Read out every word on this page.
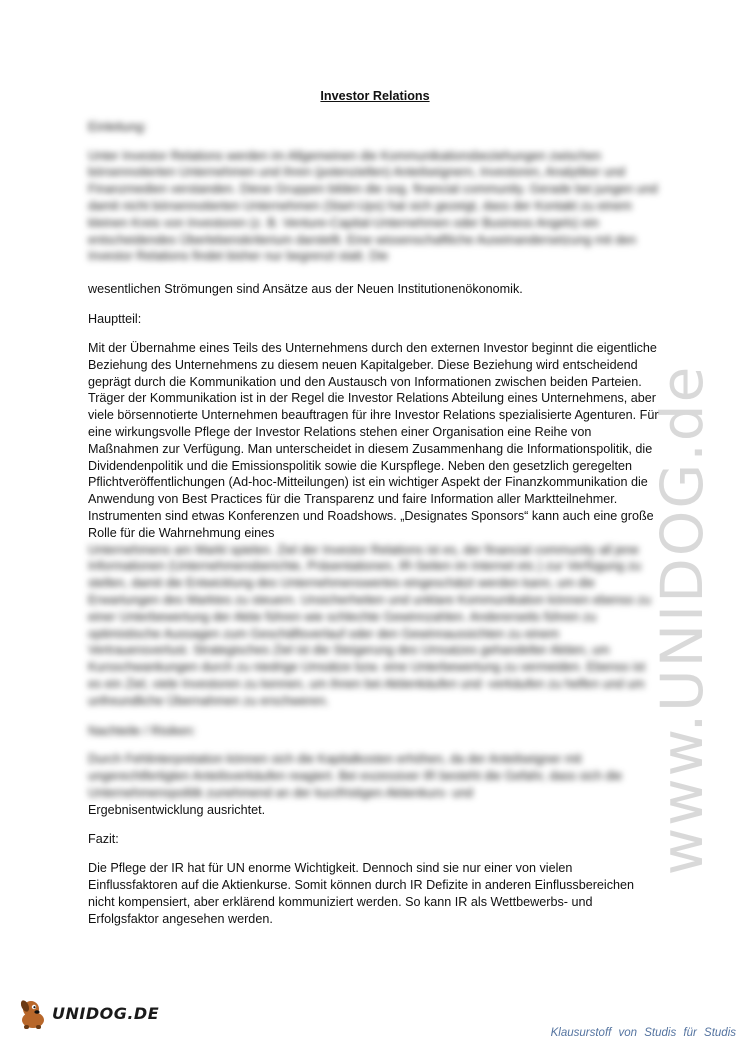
www.UNIDOG.de
Investor Relations

Einleitung:

Unter Investor Relations werden im Allgemeinen die Kommunikationsbeziehungen zwischen börsennotierten Unternehmen und ihren (potenziellen) Anteilseignern, Investoren, Analytiker und Finanzmedien verstanden. Diese Gruppen bilden die sog. financial community. Gerade bei jungen und damit nicht börsennotierten Unternehmen (Start-Ups) hat sich gezeigt, dass der Kontakt zu einem kleinen Kreis von Investoren (z. B. Venture-Capital-Unternehmen oder Business Angels) ein entscheidendes Überlebenskriterium darstellt. Eine wissenschaftliche Auseinandersetzung mit den Investor Relations findet bisher nur begrenzt statt. Die

wesentlichen Strömungen sind Ansätze aus der Neuen Institutionenökonomik.

Hauptteil:

Mit der Übernahme eines Teils des Unternehmens durch den externen Investor beginnt die eigentliche Beziehung des Unternehmens zu diesem neuen Kapitalgeber. Diese Beziehung wird entscheidend geprägt durch die Kommunikation und den Austausch von Informationen zwischen beiden Parteien. Träger der Kommunikation ist in der Regel die Investor Relations Abteilung eines Unternehmens, aber viele börsennotierte Unternehmen beauftragen für ihre Investor Relations spezialisierte Agenturen. Für eine wirkungsvolle Pflege der Investor Relations stehen einer Organisation eine Reihe von Maßnahmen zur Verfügung. Man unterscheidet in diesem Zusammenhang die Informationspolitik, die Dividendenpolitik und die Emissionspolitik sowie die Kurspflege. Neben den gesetzlich geregelten Pflichtveröffentlichungen (Ad-hoc-Mitteilungen) ist ein wichtiger Aspekt der Finanzkommunikation die Anwendung von Best Practices für die Transparenz und faire Information aller Marktteilnehmer. Instrumenten sind etwas Konferenzen und Roadshows. „Designates Sponsors“ kann auch eine große Rolle für die Wahrnehmung eines

Unternehmens am Markt spielen. Ziel der Investor Relations ist es, der financial community all jene Informationen (Unternehmensberichte, Präsentationen, IR-Seiten im Internet etc.) zur Verfügung zu stellen, damit die Entwicklung des Unternehmenswertes eingeschätzt werden kann, um die Erwartungen des Marktes zu steuern. Unsicherheiten und unklare Kommunikation können ebenso zu einer Unterbewertung der Aktie führen wie schlechte Gewinnzahlen. Andererseits führen zu optimistische Aussagen zum Geschäftsverlauf oder den Gewinnaussichten zu einem Vertrauensverlust. Strategisches Ziel ist die Steigerung des Umsatzes gehandelter Aktien, um Kursschwankungen durch zu niedrige Umsätze bzw. eine Unterbewertung zu vermeiden. Ebenso ist es ein Ziel, viele Investoren zu kennen, um ihnen bei Aktienkäufen und -verkäufen zu helfen und um unfreundliche Übernahmen zu erschweren.

Nachteile / Risiken:

Durch Fehlinterpretation können sich die Kapitalkosten erhöhen, da der Anteilseigner mit ungerechtfertigten Anteilsverkäufen reagiert. Bei exzessiver IR besteht die Gefahr, dass sich die Unternehmenspolitik zunehmend an der kurzfristigen Aktienkurs- und

Ergebnisentwicklung ausrichtet.

Fazit:

Die Pflege der IR hat für UN enorme Wichtigkeit. Dennoch sind sie nur einer von vielen Einflussfaktoren auf die Aktienkurse. Somit können durch IR Defizite in anderen Einflussbereichen nicht kompensiert, aber erklärend kommuniziert werden. So kann IR als Wettbewerbs- und Erfolgsfaktor angesehen werden.

UNIDOG.DE
Klausurstoff von Studis für Studis
